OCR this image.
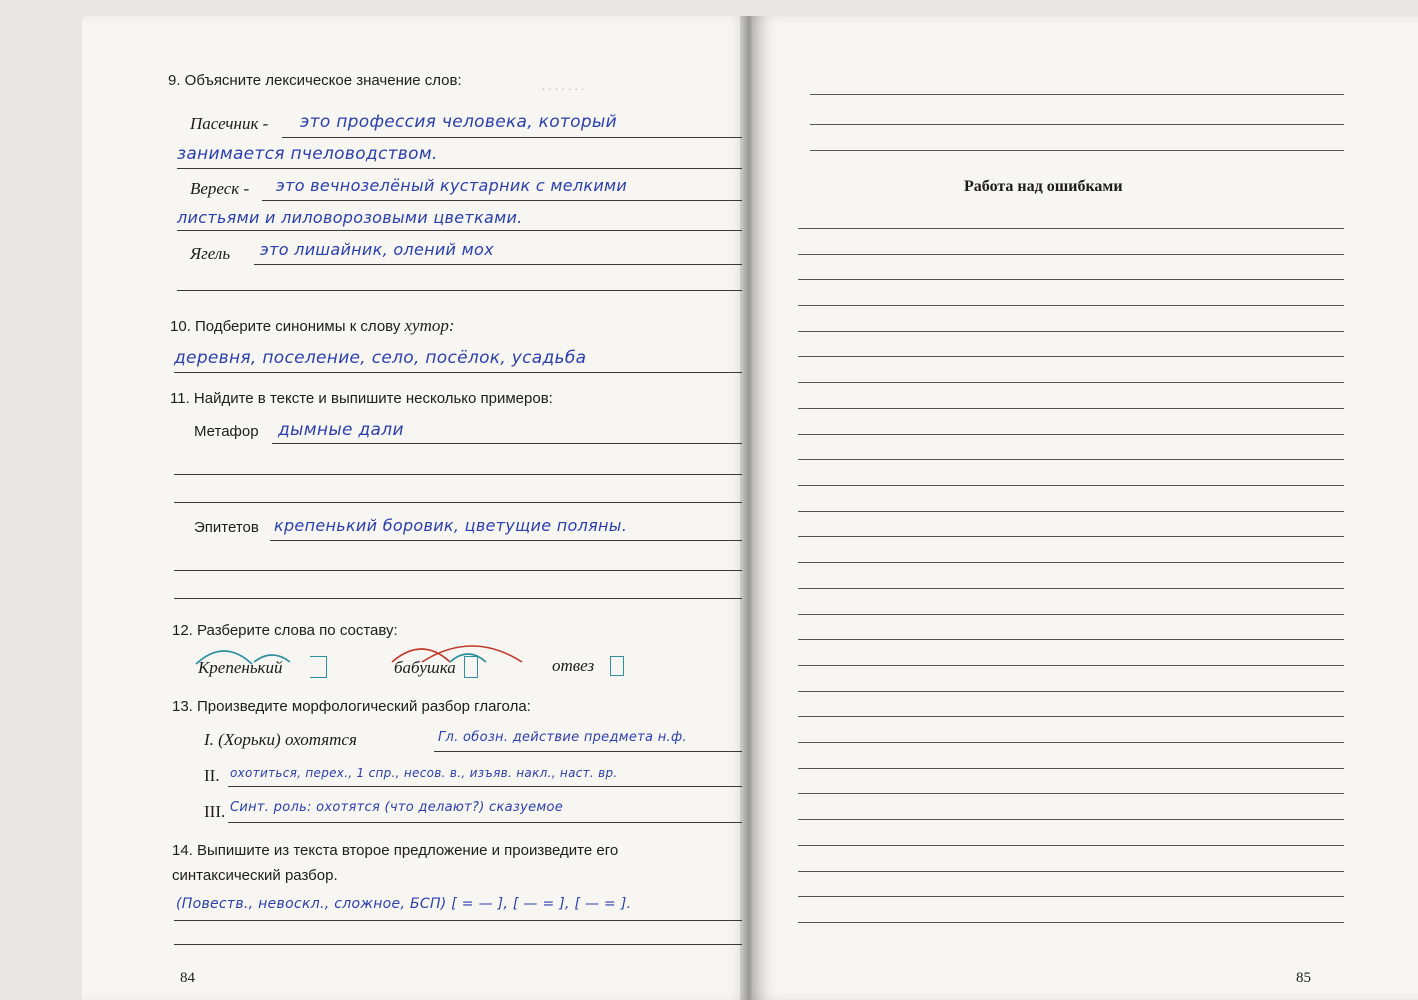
. . . . . . .
9. Объясните лексическое значение слов:
Пасечник - это профессия человека, который
занимается пчеловодством.
Вереск - это вечнозелёный кустарник с мелкими
листьями и лиловорозовыми цветками.
Ягель это лишайник, олений мох
10. Подберите синонимы к слову хутор:
деревня, поселение, село, посёлок, усадьба
11. Найдите в тексте и выпишите несколько примеров:
Метафор дымные дали
Эпитетов крепенький боровик, цветущие поляны.
12. Разберите слова по составу:
Крепенький	бабушка	отвез
13. Произведите морфологический разбор глагола:
I. (Хорьки) охотятся	Гл. обозн. действие предмета н.ф.
II. охотиться, перех., 1 спр., несов. в., изъяв. накл., наст. вр.
III. Синт. роль: охотятся (что делают?) сказуемое
14. Выпишите из текста второе предложение и произведите его
синтаксический разбор.
(Повеств., невоскл., сложное, БСП) [ = — ], [ — = ], [ — = ].
84
Работа над ошибками
85
